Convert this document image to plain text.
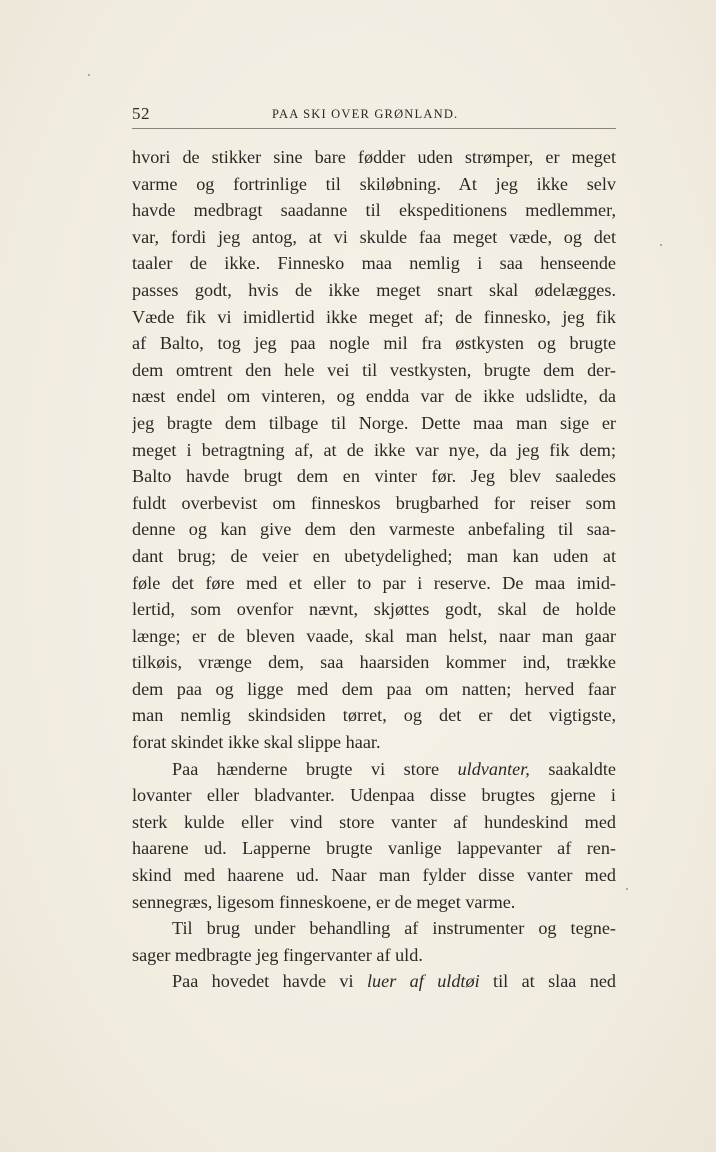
52	PAA SKI OVER GRØNLAND.
hvori de stikker sine bare fødder uden strømper, er meget
varme og fortrinlige til skiløbning. At jeg ikke selv
havde medbragt saadanne til ekspeditionens medlemmer,
var, fordi jeg antog, at vi skulde faa meget væde, og det
taaler de ikke. Finnesko maa nemlig i saa henseende
passes godt, hvis de ikke meget snart skal ødelægges.
Væde fik vi imidlertid ikke meget af; de finnesko, jeg fik
af Balto, tog jeg paa nogle mil fra østkysten og brugte
dem omtrent den hele vei til vestkysten, brugte dem der-
næst endel om vinteren, og endda var de ikke udslidte, da
jeg bragte dem tilbage til Norge. Dette maa man sige er
meget i betragtning af, at de ikke var nye, da jeg fik dem;
Balto havde brugt dem en vinter før. Jeg blev saaledes
fuldt overbevist om finneskos brugbarhed for reiser som
denne og kan give dem den varmeste anbefaling til saa-
dant brug; de veier en ubetydelighed; man kan uden at
føle det føre med et eller to par i reserve. De maa imid-
lertid, som ovenfor nævnt, skjøttes godt, skal de holde
længe; er de bleven vaade, skal man helst, naar man gaar
tilkøis, vrænge dem, saa haarsiden kommer ind, trække
dem paa og ligge med dem paa om natten; herved faar
man nemlig skindsiden tørret, og det er det vigtigste,
forat skindet ikke skal slippe haar.
Paa hænderne brugte vi store uldvanter, saakaldte
lovanter eller bladvanter. Udenpaa disse brugtes gjerne i
sterk kulde eller vind store vanter af hundeskind med
haarene ud. Lapperne brugte vanlige lappevanter af ren-
skind med haarene ud. Naar man fylder disse vanter med
sennegræs, ligesom finneskoene, er de meget varme.
Til brug under behandling af instrumenter og tegne-
sager medbragte jeg fingervanter af uld.
Paa hovedet havde vi luer af uldtøi til at slaa ned
